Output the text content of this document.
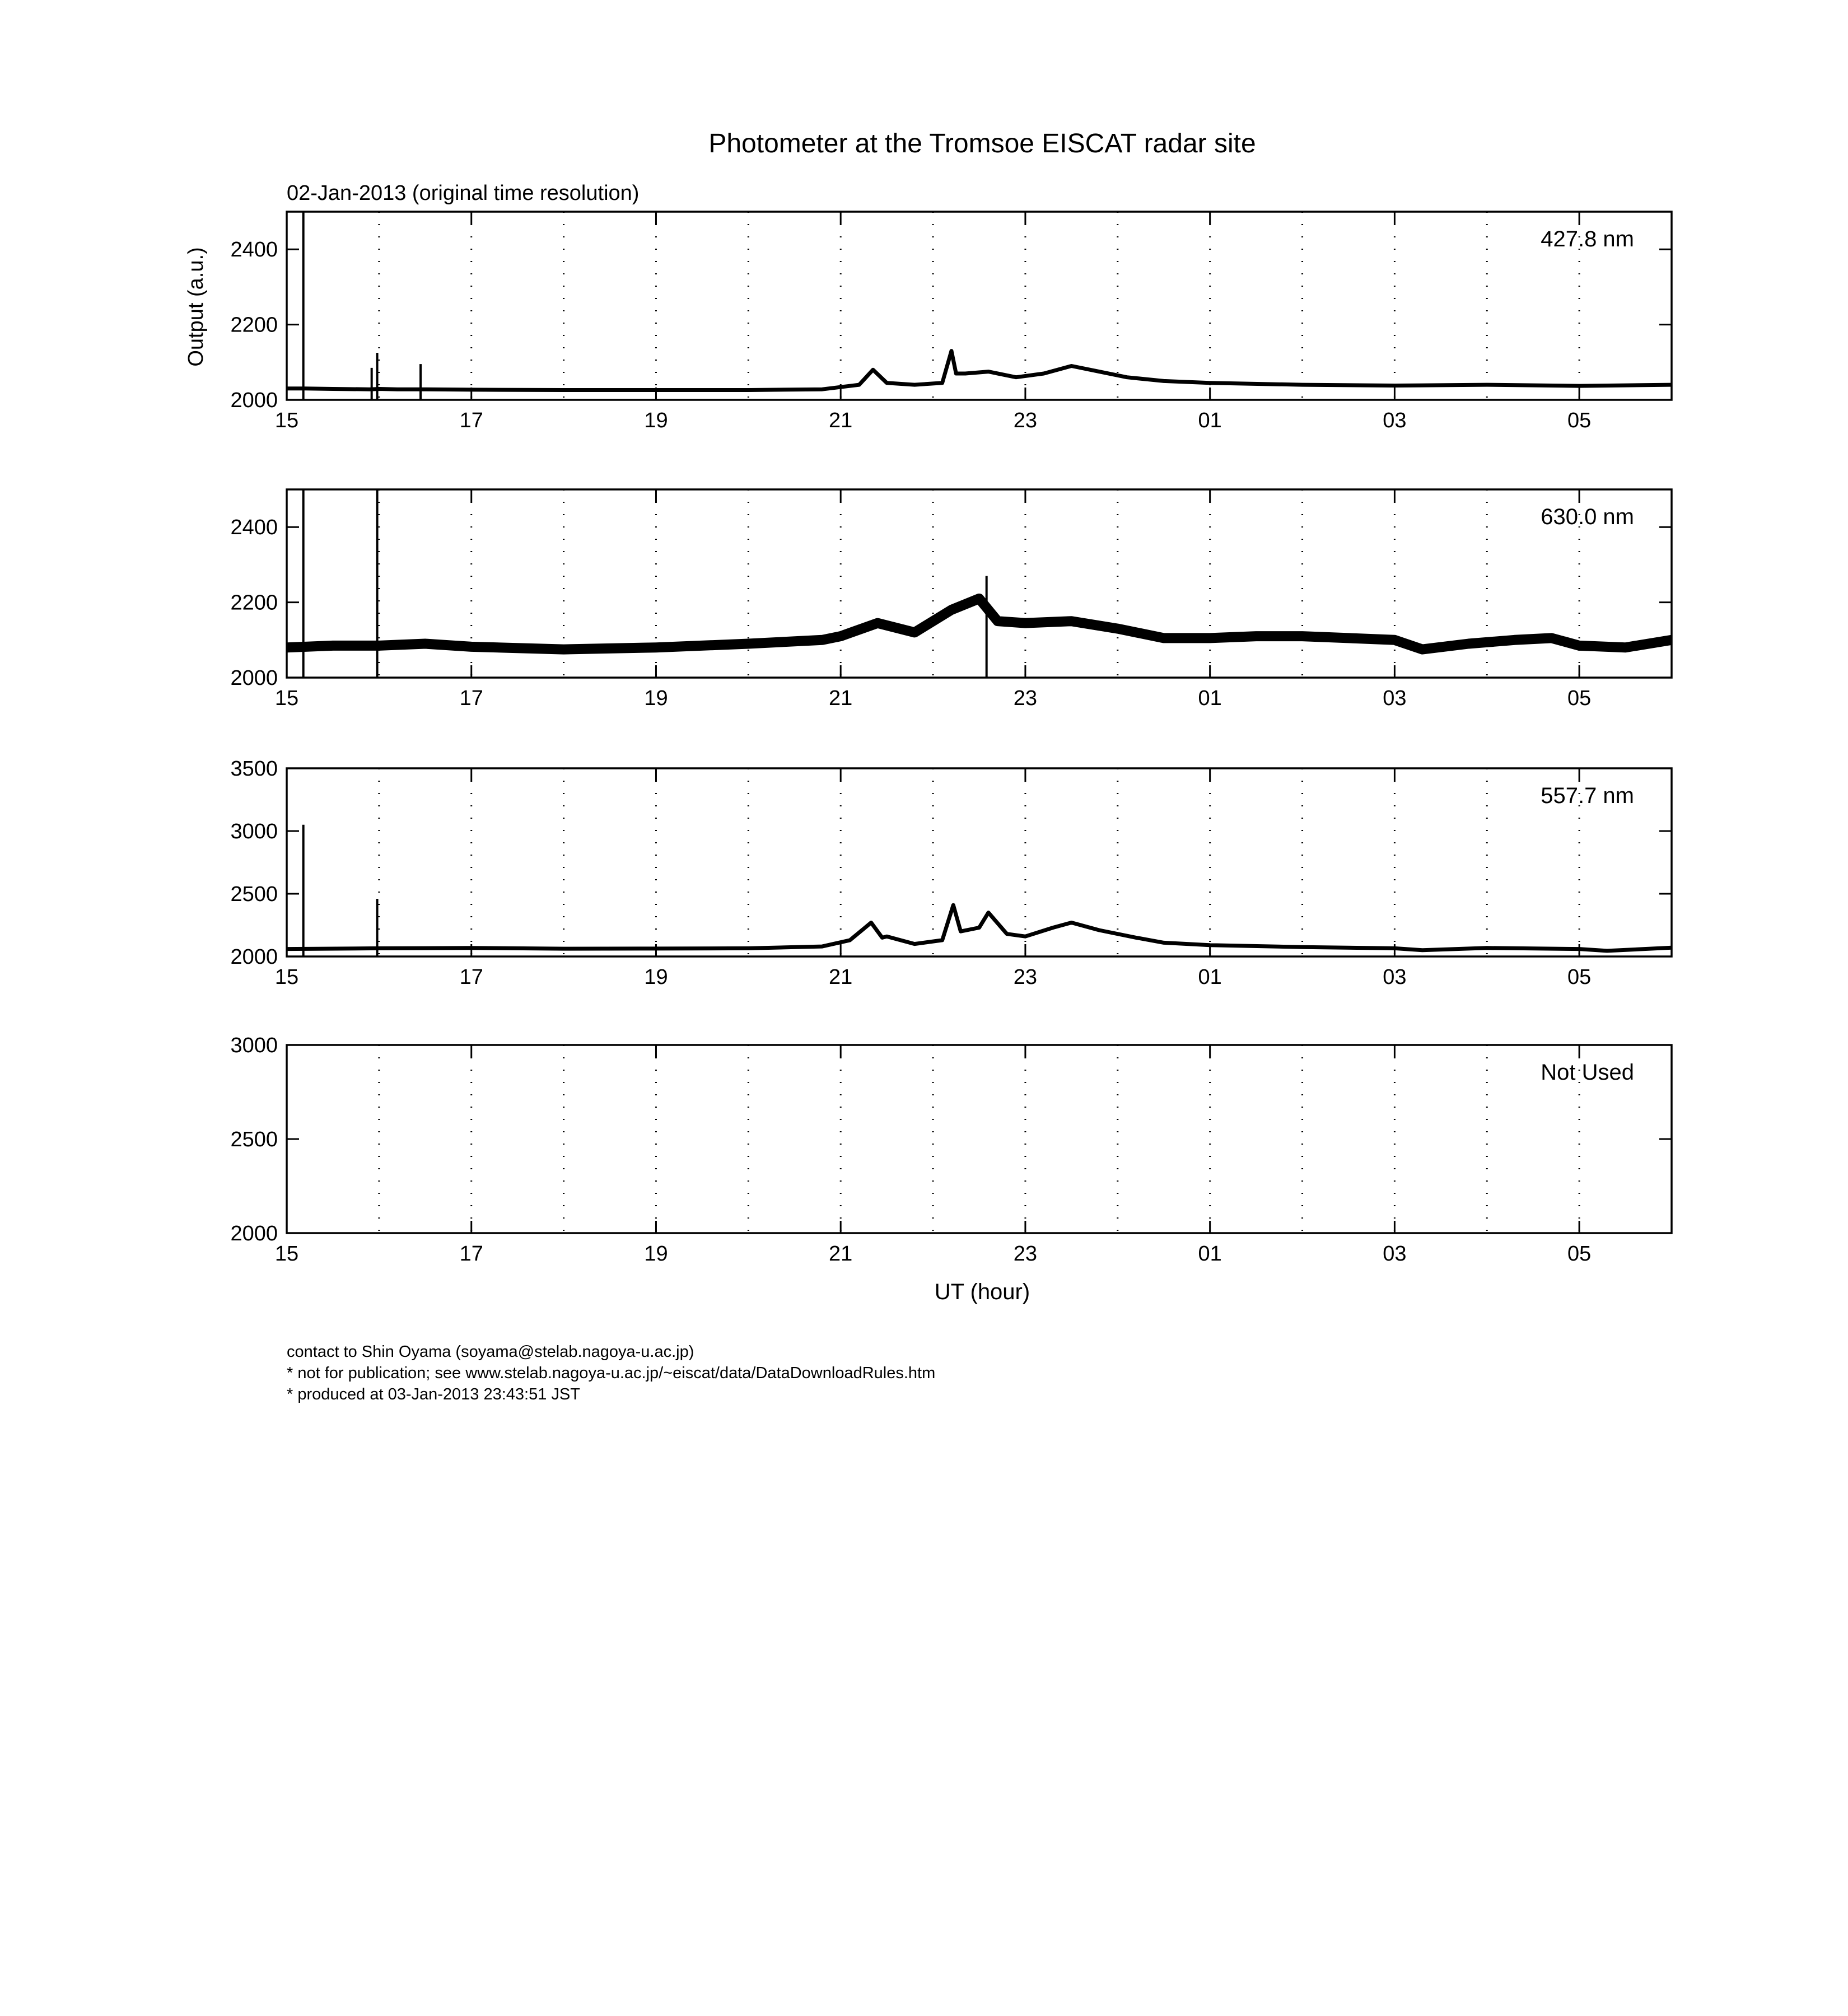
Photometer at the Tromsoe EISCAT radar site
02-Jan-2013 (original time resolution)
Output (a.u.)
UT (hour)
2000
2200
2400
15	17	19	21	23	01	03	05
427.8 nm
2000
2200
2400
15	17	19	21	23	01	03	05
630.0 nm
2000
2500
3000
3500
15	17	19	21	23	01	03	05
557.7 nm
2000
2500
3000
15	17	19	21	23	01	03	05
Not Used
contact to Shin Oyama (soyama@stelab.nagoya-u.ac.jp)
* not for publication; see www.stelab.nagoya-u.ac.jp/~eiscat/data/DataDownloadRules.htm
* produced at 03-Jan-2013 23:43:51 JST
